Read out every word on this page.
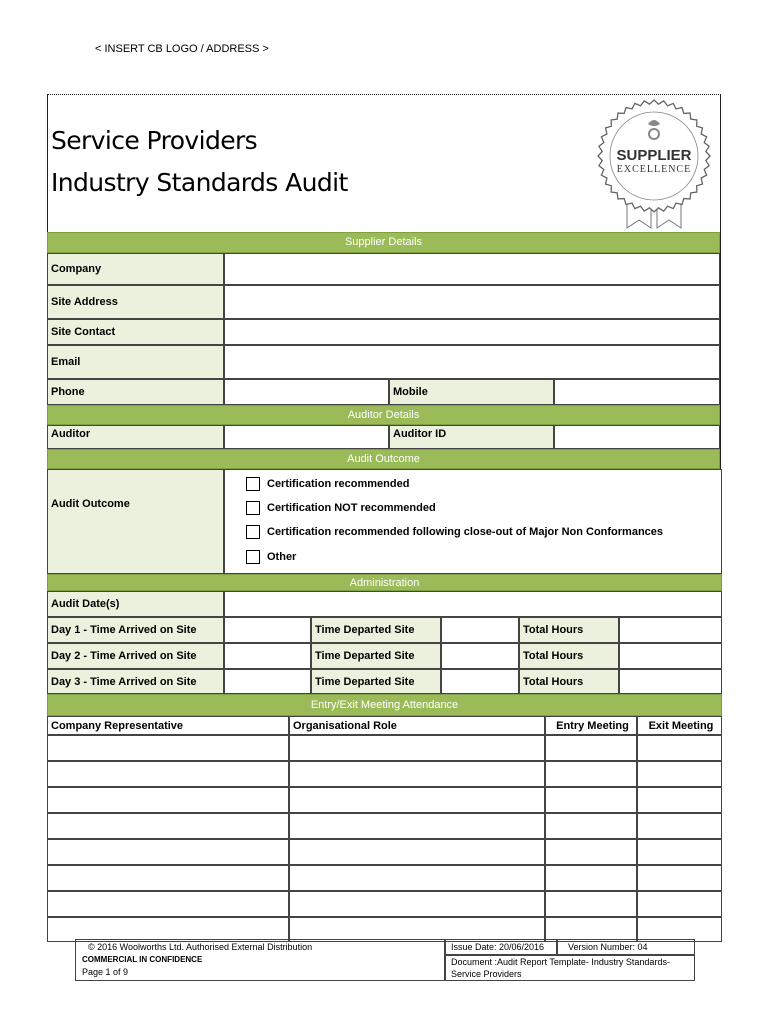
< INSERT CB LOGO / ADDRESS >
Service Providers
Industry Standards Audit
SUPPLIER
EXCELLENCE
Supplier Details
Company
Site Address
Site Contact
Email
Phone	Mobile
Auditor Details
Auditor	Auditor ID
Audit Outcome
Audit Outcome
Certification recommended
Certification NOT recommended
Certification recommended following close-out of Major Non Conformances
Other
Administration
Audit Date(s)
Day 1 - Time Arrived on Site	Time Departed Site	Total Hours
Day 2 - Time Arrived on Site	Time Departed Site	Total Hours
Day 3 - Time Arrived on Site	Time Departed Site	Total Hours
Entry/Exit Meeting Attendance
Company Representative	Organisational Role	Entry Meeting	Exit Meeting
© 2016 Woolworths Ltd. Authorised External Distribution
COMMERCIAL IN CONFIDENCE
Page 1 of 9
Issue Date: 20/06/2016	Version Number: 04
Document :Audit Report Template- Industry Standards-
Service Providers
